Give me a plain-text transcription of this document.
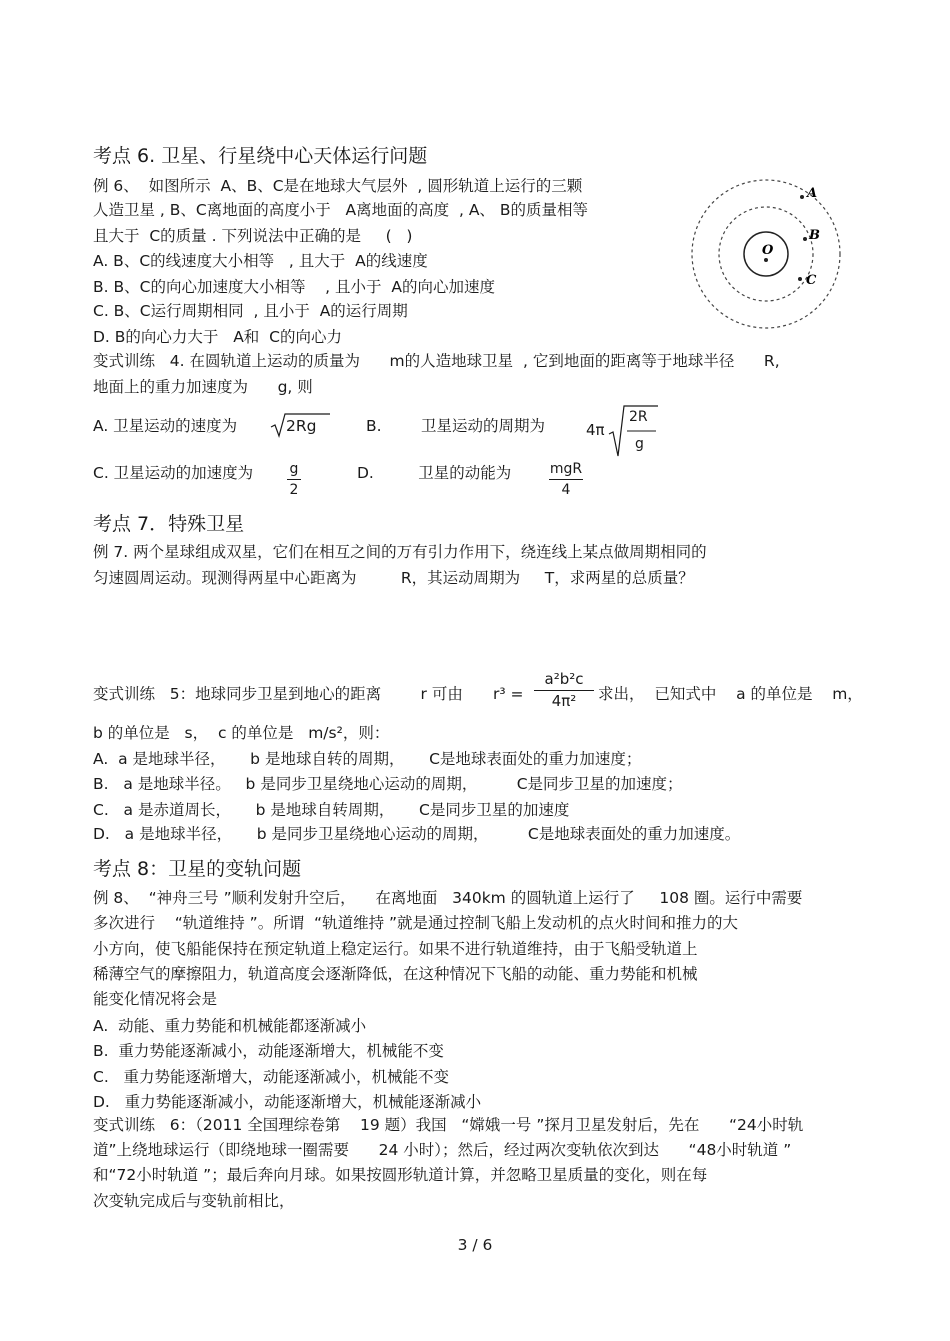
考点 6. 卫星、行星绕中心天体运行问题
例 6、  如图所示  A、B、C是在地球大气层外  , 圆形轨道上运行的三颗
人造卫星 , B、C离地面的高度小于   A离地面的高度  , A、 B的质量相等
且大于  C的质量 . 下列说法中正确的是     (   )
A. B、C的线速度大小相等   , 且大于  A的线速度
B. B、C的向心加速度大小相等    , 且小于  A的向心加速度
C. B、C运行周期相同  , 且小于  A的运行周期
D. B的向心力大于   A和  C的向心力
O
A
B
C
变式训练   4. 在圆轨道上运动的质量为      m的人造地球卫星  , 它到地面的距离等于地球半径      R,
地面上的重力加速度为      g, 则
A. 卫星运动的速度为

	2Rg	B.        卫星运动的周期为	4π

2R

g

C. 卫星运动的加速度为	g
2
D.         卫星的动能为	mgR
4
考点 7．特殊卫星
例 7. 两个星球组成双星，它们在相互之间的万有引力作用下，绕连线上某点做周期相同的
匀速圆周运动。现测得两星中心距离为         R，其运动周期为     T，求两星的总质量？
变式训练   5：地球同步卫星到地心的距离        r 可由 r³ =
a²b²c
4π² 求出，  已知式中    a 的单位是    m，
b 的单位是   s，  c 的单位是   m/s²，则：
A.  a 是地球半径，     b 是地球自转的周期，     C是地球表面处的重力加速度；
B.   a 是地球半径。   b 是同步卫星绕地心运动的周期，        C是同步卫星的加速度；
C.   a 是赤道周长，     b 是地球自转周期，     C是同步卫星的加速度
D.   a 是地球半径，     b 是同步卫星绕地心运动的周期，        C是地球表面处的重力加速度。
考点 8：卫星的变轨问题
例 8、  “神舟三号 ”顺利发射升空后，    在离地面   340km 的圆轨道上运行了     108 圈。运行中需要
多次进行    “轨道维持 ”。所谓  “轨道维持 ”就是通过控制飞船上发动机的点火时间和推力的大
小方向，使飞船能保持在预定轨道上稳定运行。如果不进行轨道维持，由于飞船受轨道上
稀薄空气的摩擦阻力，轨道高度会逐渐降低，在这种情况下飞船的动能、重力势能和机械
能变化情况将会是
A.  动能、重力势能和机械能都逐渐减小
B.  重力势能逐渐减小，动能逐渐增大，机械能不变
C.   重力势能逐渐增大，动能逐渐减小，机械能不变
D.   重力势能逐渐减小，动能逐渐增大，机械能逐渐减小
变式训练   6：（2011 全国理综卷第    19 题）我国   “嫦娥一号 ”探月卫星发射后，先在      “24小时轨
道”上绕地球运行（即绕地球一圈需要      24 小时）；然后，经过两次变轨依次到达      “48小时轨道 ”
和“72小时轨道 ”；最后奔向月球。如果按圆形轨道计算，并忽略卫星质量的变化，则在每
次变轨完成后与变轨前相比，
3 / 6
